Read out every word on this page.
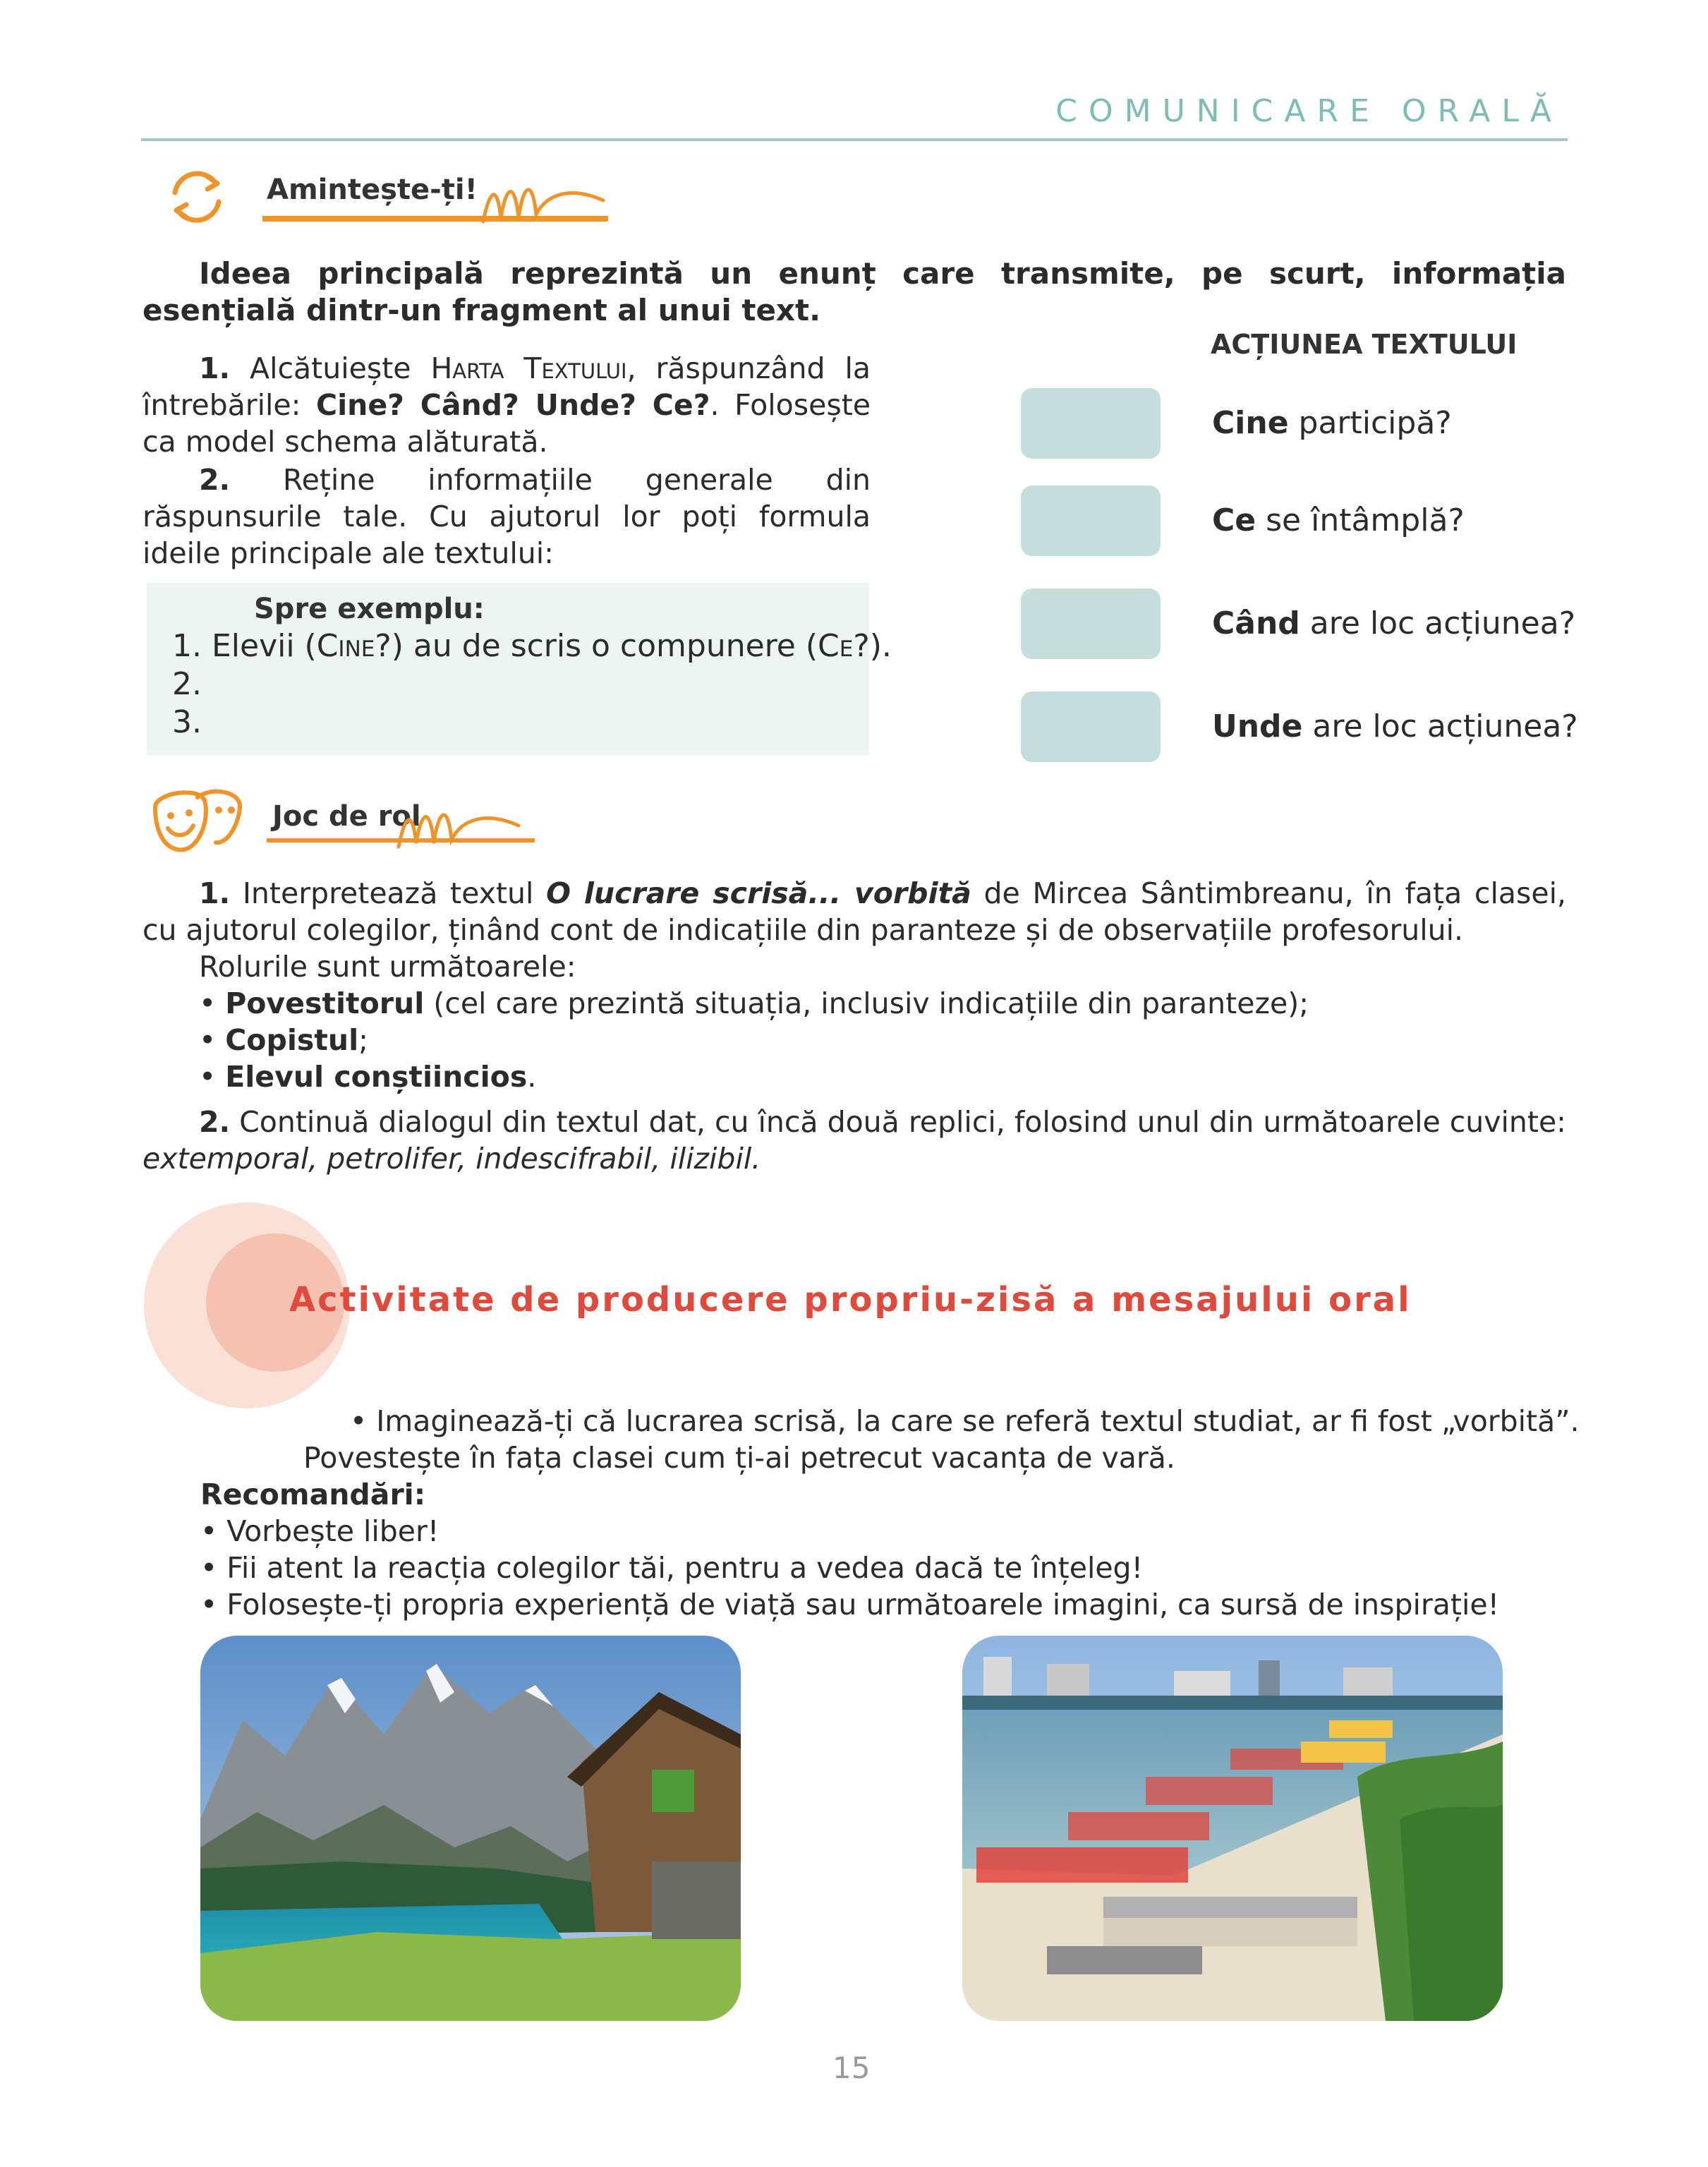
COMUNICARE ORALĂ
Amintește-ți!
Ideea principală reprezintă un enunț care transmite, pe scurt, informația esențială dintr-un fragment al unui text.
1. Alcătuiește Harta Textului, răspunzând la întrebările: Cine? Când? Unde? Ce?. Folosește ca model schema alăturată.
2. Reține informațiile generale din răspunsurile tale. Cu ajutorul lor poți formula ideile principale ale textului:
Spre exemplu:
1. Elevii (Cine?) au de scris o compunere (Ce?).
2.
3.
ACȚIUNEA TEXTULUI
Cine participă?
Ce se întâmplă?
Când are loc acțiunea?
Unde are loc acțiunea?
Joc de rol
1. Interpretează textul O lucrare scrisă... vorbită de Mircea Sântimbreanu, în fața clasei, cu ajutorul colegilor, ținând cont de indicațiile din paranteze și de observațiile profesorului.
Rolurile sunt următoarele:
• Povestitorul (cel care prezintă situația, inclusiv indicațiile din paranteze);
• Copistul;
• Elevul conștiincios.
2. Continuă dialogul din textul dat, cu încă două replici, folosind unul din următoarele cuvinte: extemporal, petrolifer, indescifrabil, ilizibil.
Activitate de producere propriu-zisă a mesajului oral
• Imaginează-ți că lucrarea scrisă, la care se referă textul studiat, ar fi fost „vorbită”.
Povestește în fața clasei cum ți-ai petrecut vacanța de vară.
Recomandări:
• Vorbește liber!
• Fii atent la reacția colegilor tăi, pentru a vedea dacă te înțeleg!
• Folosește-ți propria experiență de viață sau următoarele imagini, ca sursă de inspirație!
15
